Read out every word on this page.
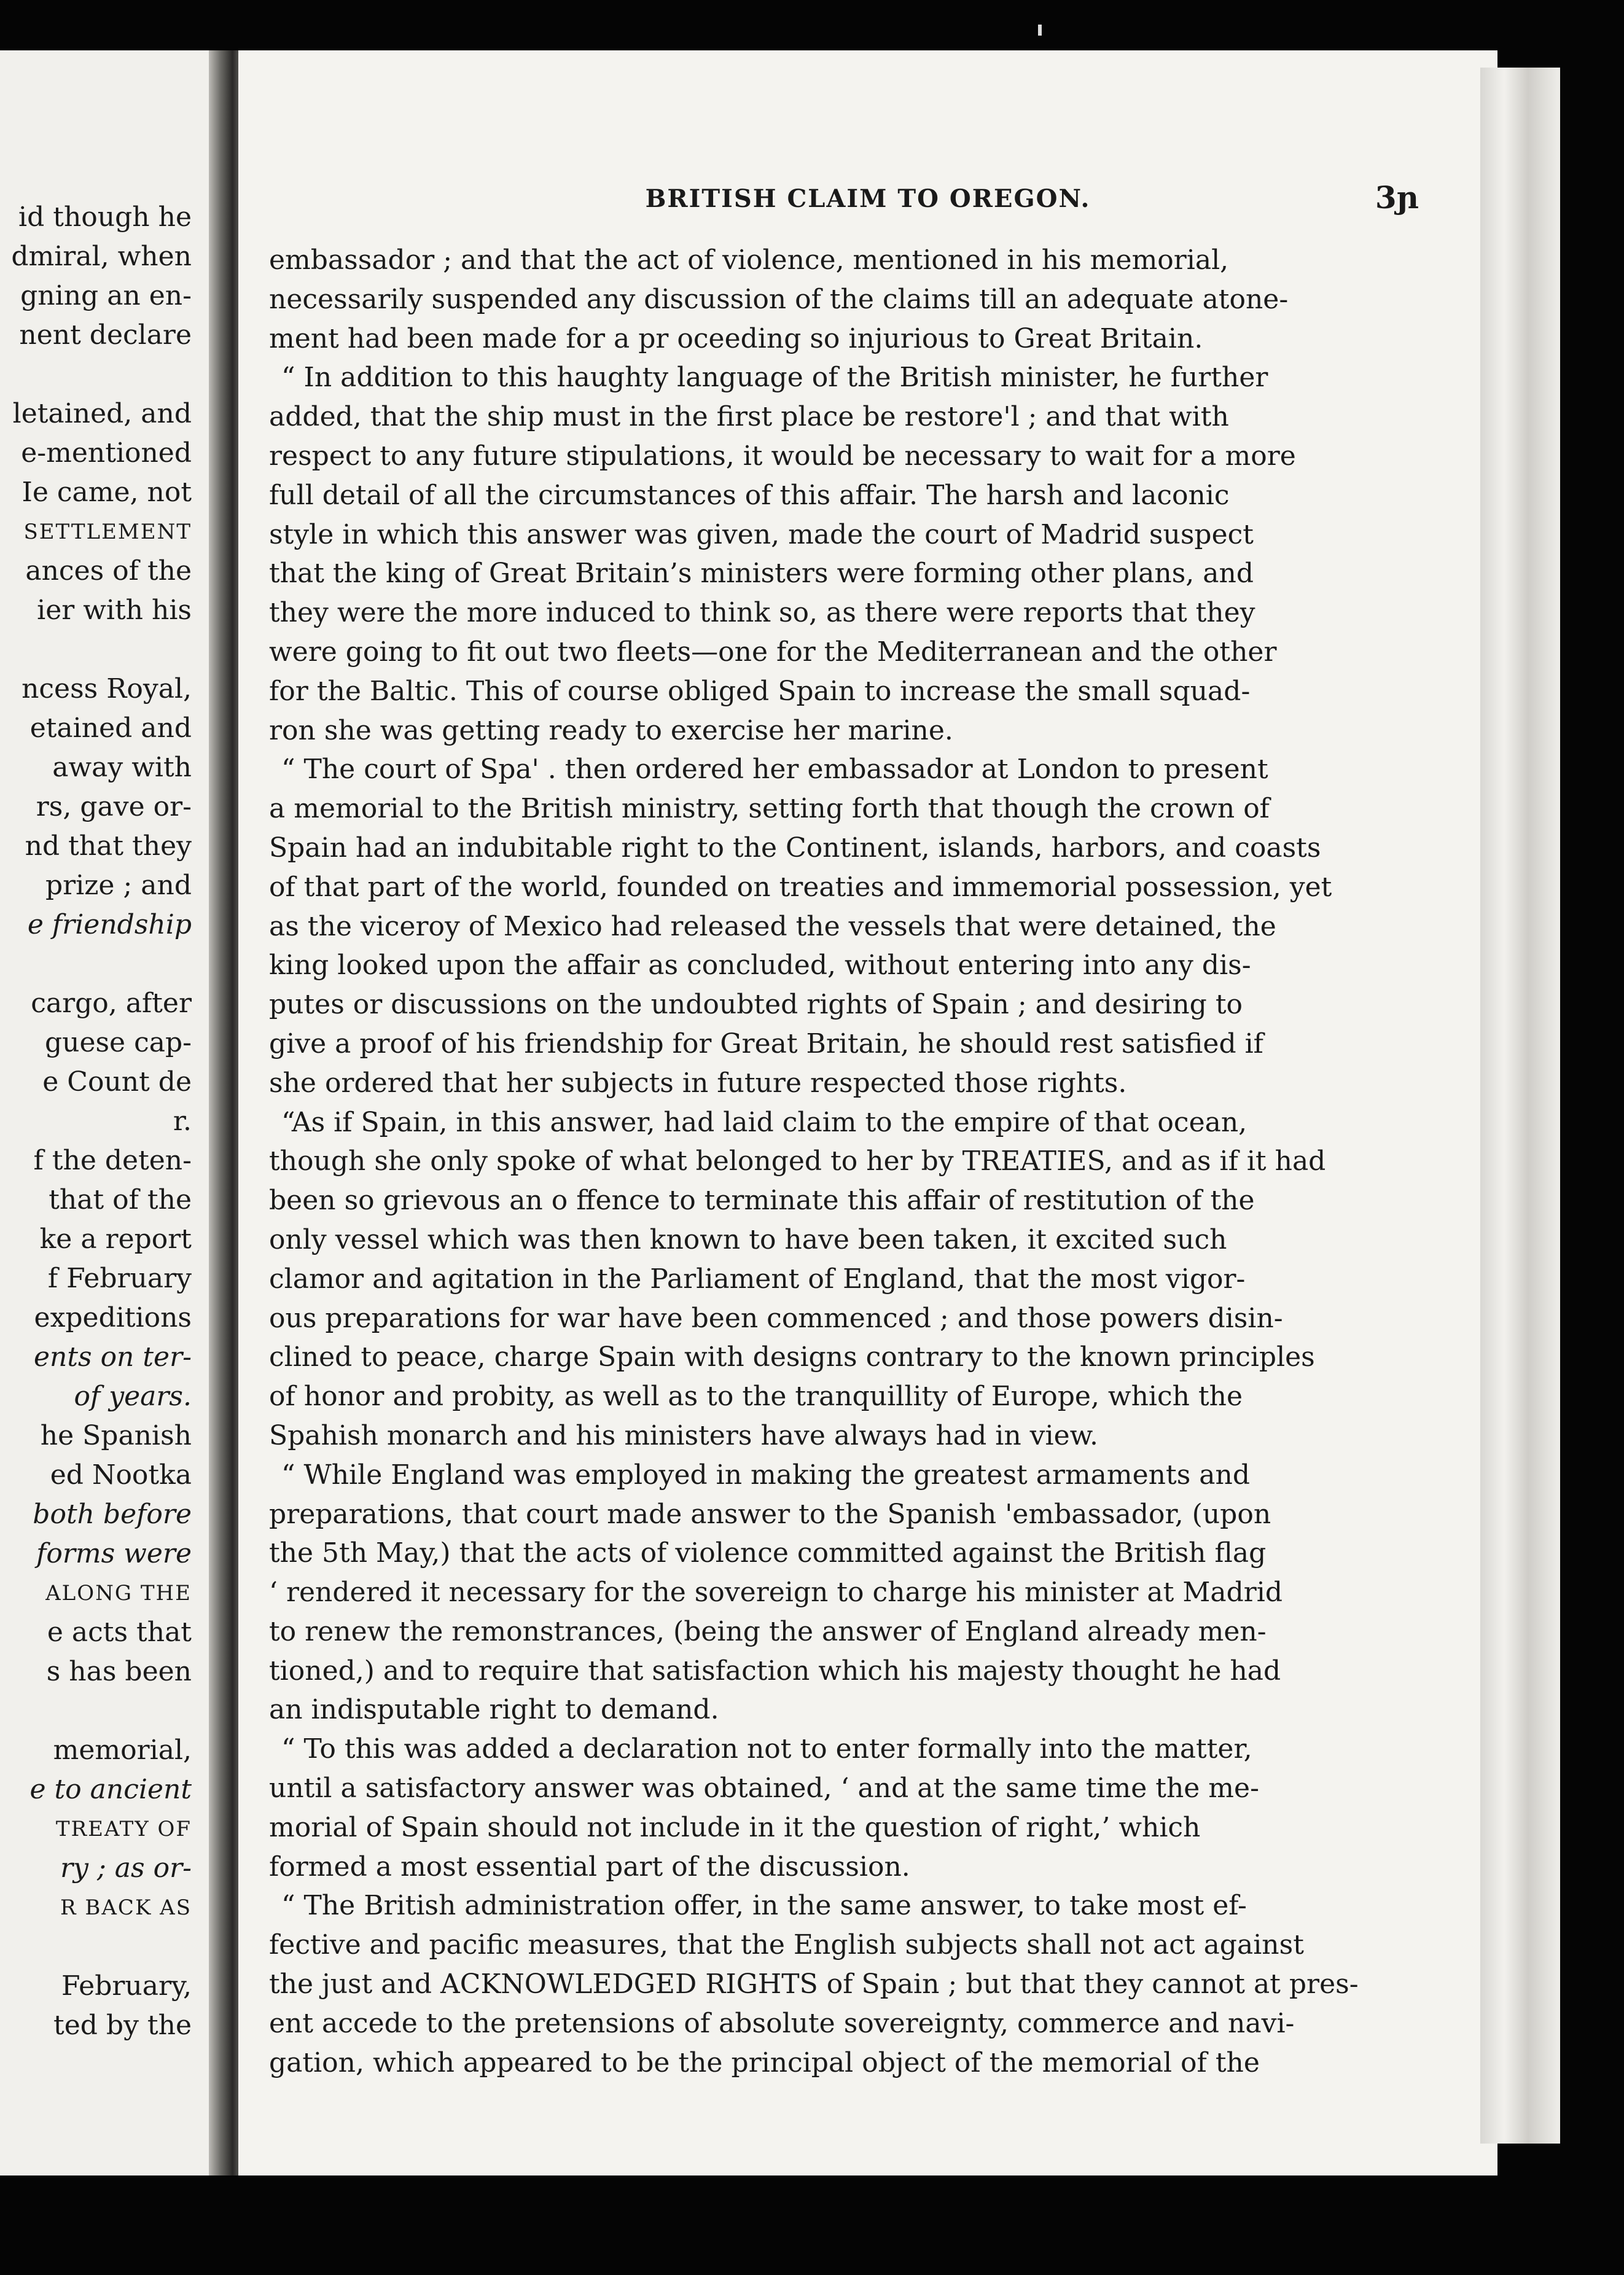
id though he
dmiral, when
gning an en-
nent declare

letained, and
e-mentioned
Ie came, not
SETTLEMENT
ances of the
ier with his

ncess Royal,
etained and
away with
rs, gave or-
nd that they
prize ; and
e friendship

cargo, after
guese cap-
e Count de
r.
f the deten-
that of the
ke a report
f February
expeditions
ents on ter-
of years.
he Spanish
ed Nootka
both before
forms were
ALONG THE
e acts that
s has been

memorial,
e to ancient
TREATY OF
ry ; as or-
R BACK AS

February,
ted by the
BRITISH CLAIM TO OREGON.	3ɲ
embassador ; and that the act of violence, mentioned in his memorial,
necessarily suspended any discussion of the claims till an adequate atone-
ment had been made for a pr oceeding so injurious to Great Britain.
“ In addition to this haughty language of the British minister, he further
added, that the ship must in the first place be restore'l ; and that with
respect to any future stipulations, it would be necessary to wait for a more
full detail of all the circumstances of this affair. The harsh and laconic
style in which this answer was given, made the court of Madrid suspect
that the king of Great Britain’s ministers were forming other plans, and
they were the more induced to think so, as there were reports that they
were going to fit out two fleets—one for the Mediterranean and the other
for the Baltic. This of course obliged Spain to increase the small squad-
ron she was getting ready to exercise her marine.
“ The court of Spa' . then ordered her embassador at London to present
a memorial to the British ministry, setting forth that though the crown of
Spain had an indubitable right to the Continent, islands, harbors, and coasts
of that part of the world, founded on treaties and immemorial possession, yet
as the viceroy of Mexico had released the vessels that were detained, the
king looked upon the affair as concluded, without entering into any dis-
putes or discussions on the undoubted rights of Spain ; and desiring to
give a proof of his friendship for Great Britain, he should rest satisfied if
she ordered that her subjects in future respected those rights.
“As if Spain, in this answer, had laid claim to the empire of that ocean,
though she only spoke of what belonged to her by TREATIES, and as if it had
been so grievous an o ffence to terminate this affair of restitution of the
only vessel which was then known to have been taken, it excited such
clamor and agitation in the Parliament of England, that the most vigor-
ous preparations for war have been commenced ; and those powers disin-
clined to peace, charge Spain with designs contrary to the known principles
of honor and probity, as well as to the tranquillity of Europe, which the
Spahish monarch and his ministers have always had in view.
“ While England was employed in making the greatest armaments and
preparations, that court made answer to the Spanish 'embassador, (upon
the 5th May,) that the acts of violence committed against the British flag
‘ rendered it necessary for the sovereign to charge his minister at Madrid
to renew the remonstrances, (being the answer of England already men-
tioned,) and to require that satisfaction which his majesty thought he had
an indisputable right to demand.
“ To this was added a declaration not to enter formally into the matter,
until a satisfactory answer was obtained, ‘ and at the same time the me-
morial of Spain should not include in it the question of right,’ which
formed a most essential part of the discussion.
“ The British administration offer, in the same answer, to take most ef-
fective and pacific measures, that the English subjects shall not act against
the just and ACKNOWLEDGED RIGHTS of Spain ; but that they cannot at pres-
ent accede to the pretensions of absolute sovereignty, commerce and navi-
gation, which appeared to be the principal object of the memorial of the
